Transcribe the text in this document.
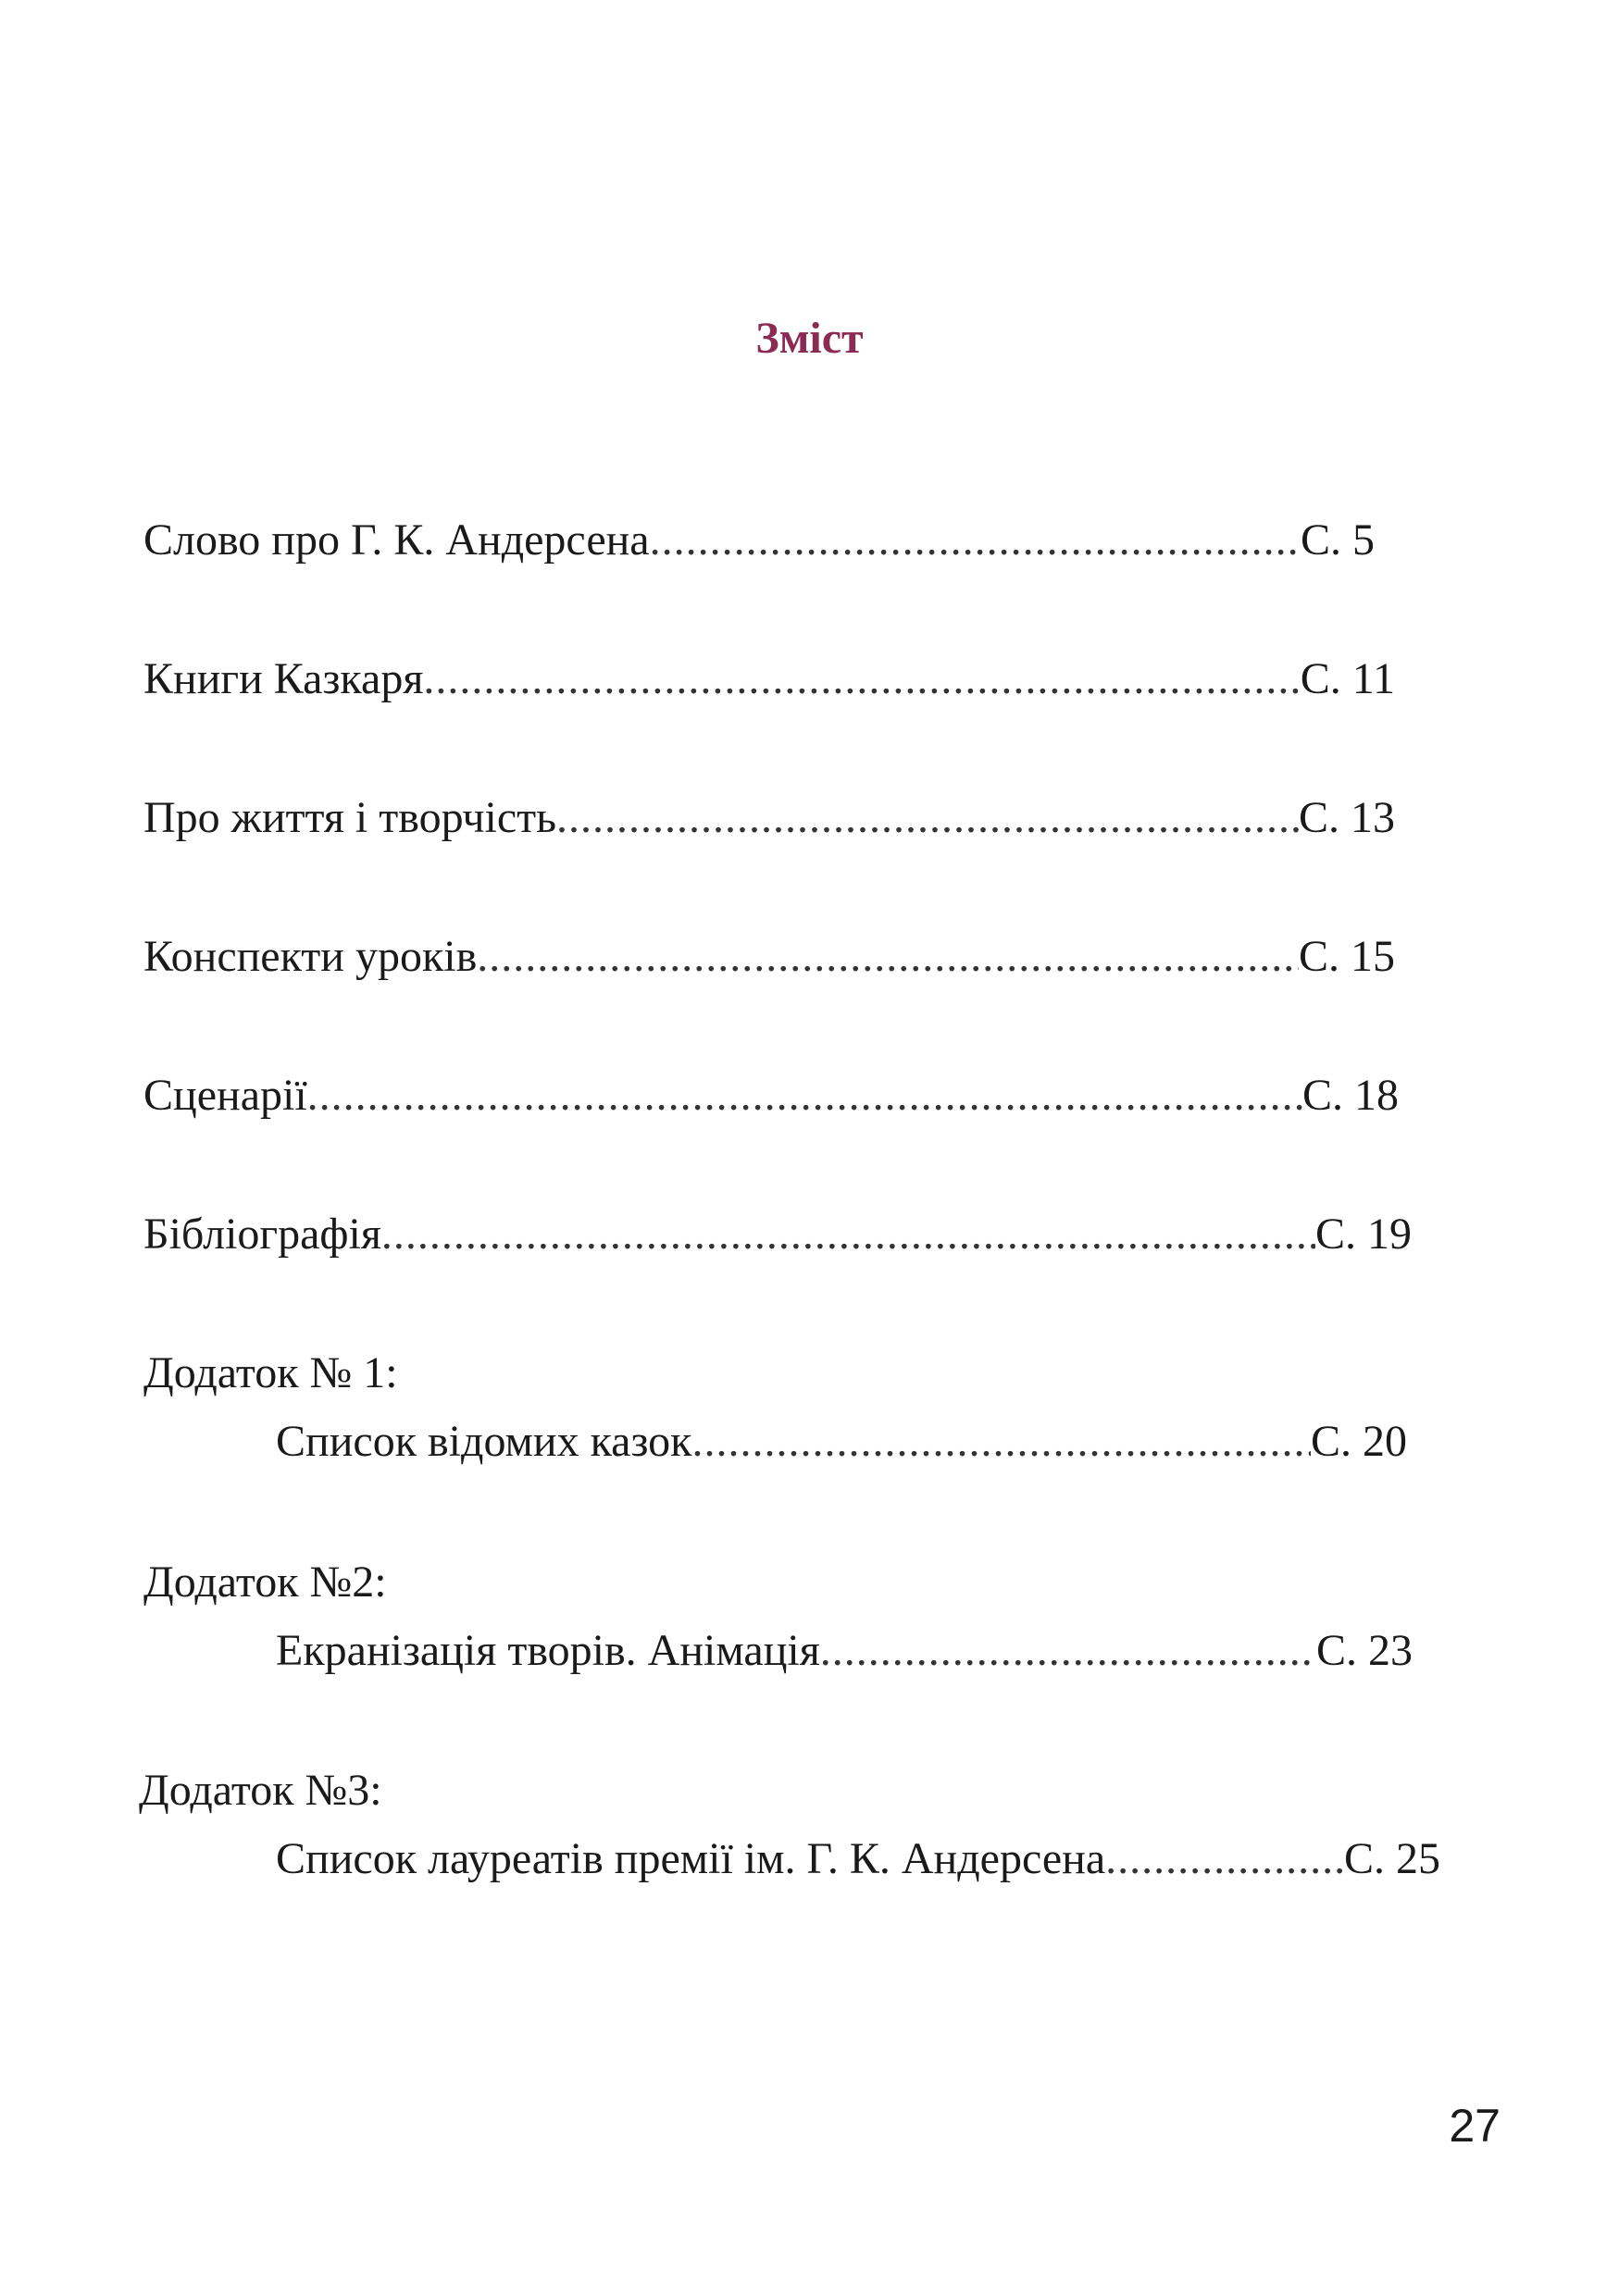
Зміст
Слово про Г. К. Андерсена .....	С. 5
Книги Казкаря .....	С. 11
Про життя і творчість .....	С. 13
Конспекти уроків .....	С. 15
Сценарії .....	С. 18
Бібліографія .....	С. 19
Додаток № 1:
Список відомих казок .....	С. 20
Додаток №2:
Екранізація творів. Анімація .....	С. 23
Додаток №3:
Список лауреатів премії ім. Г. К. Андерсена .....	С. 25
27
